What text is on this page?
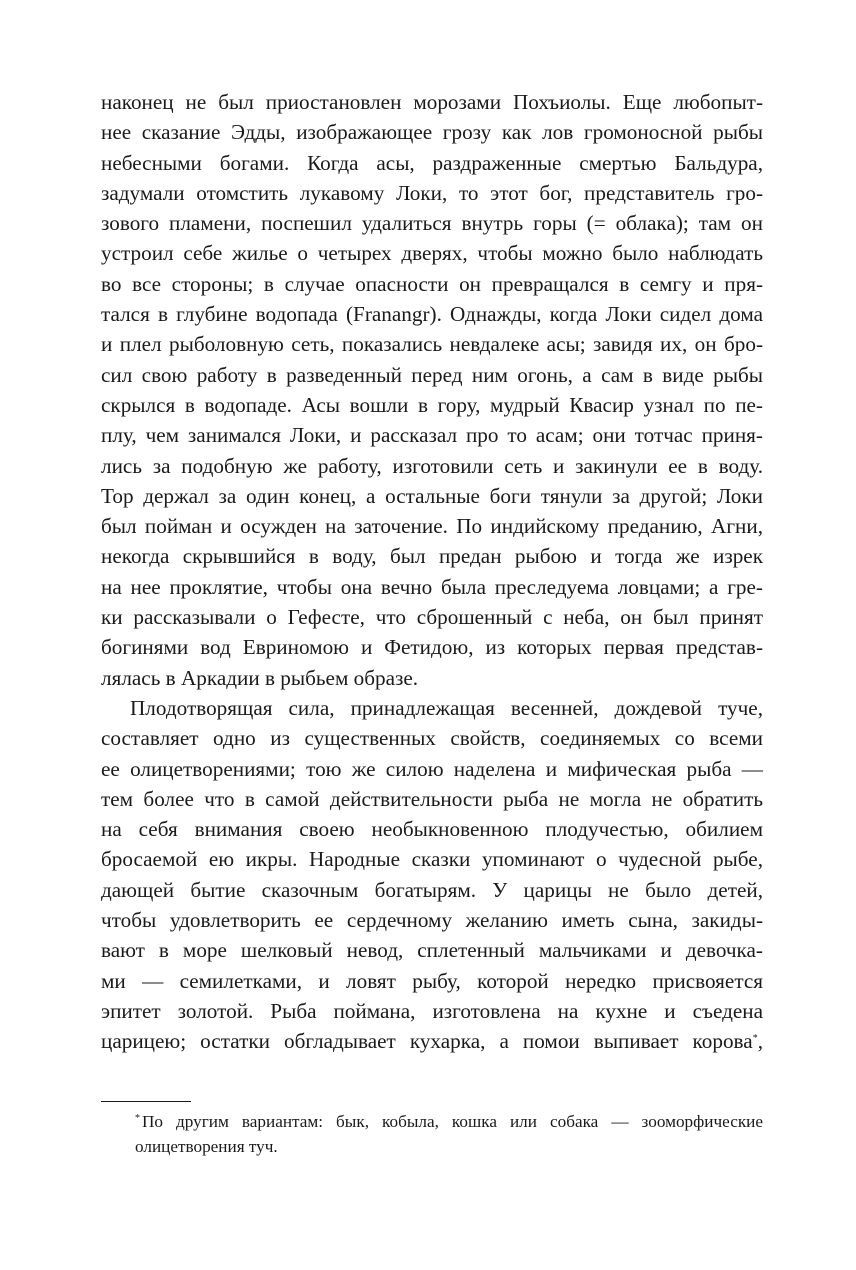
наконец не был приостановлен морозами Похъиолы. Еще любопыт-
нее сказание Эдды, изображающее грозу как лов громоносной рыбы
небесными богами. Когда асы, раздраженные смертью Бальдура,
задумали отомстить лукавому Локи, то этот бог, представитель гро-
зового пламени, поспешил удалиться внутрь горы (= облака); там он
устроил себе жилье о четырех дверях, чтобы можно было наблюдать
во все стороны; в случае опасности он превращался в семгу и пря-
тался в глубине водопада (Franangr). Однажды, когда Локи сидел дома
и плел рыболовную сеть, показались невдалеке асы; завидя их, он бро-
сил свою работу в разведенный перед ним огонь, а сам в виде рыбы
скрылся в водопаде. Асы вошли в гору, мудрый Квасир узнал по пе-
плу, чем занимался Локи, и рассказал про то асам; они тотчас приня-
лись за подобную же работу, изготовили сеть и закинули ее в воду.
Тор держал за один конец, а остальные боги тянули за другой; Локи
был пойман и осужден на заточение. По индийскому преданию, Агни,
некогда скрывшийся в воду, был предан рыбою и тогда же изрек
на нее проклятие, чтобы она вечно была преследуема ловцами; а гре-
ки рассказывали о Гефесте, что сброшенный с неба, он был принят
богинями вод Евриномою и Фетидою, из которых первая представ-
лялась в Аркадии в рыбьем образе.
Плодотворящая сила, принадлежащая весенней, дождевой туче,
составляет одно из существенных свойств, соединяемых со всеми
ее олицетворениями; тою же силою наделена и мифическая рыба —
тем более что в самой действительности рыба не могла не обратить
на себя внимания своею необыкновенною плодучестью, обилием
бросаемой ею икры. Народные сказки упоминают о чудесной рыбе,
дающей бытие сказочным богатырям. У царицы не было детей,
чтобы удовлетворить ее сердечному желанию иметь сына, закиды-
вают в море шелковый невод, сплетенный мальчиками и девочка-
ми — семилетками, и ловят рыбу, которой нередко присвояется
эпитет золотой. Рыба поймана, изготовлена на кухне и съедена
царицею; остатки обгладывает кухарка, а помои выпивает корова*,
* По другим вариантам: бык, кобыла, кошка или собака — зооморфические
олицетворения туч.
